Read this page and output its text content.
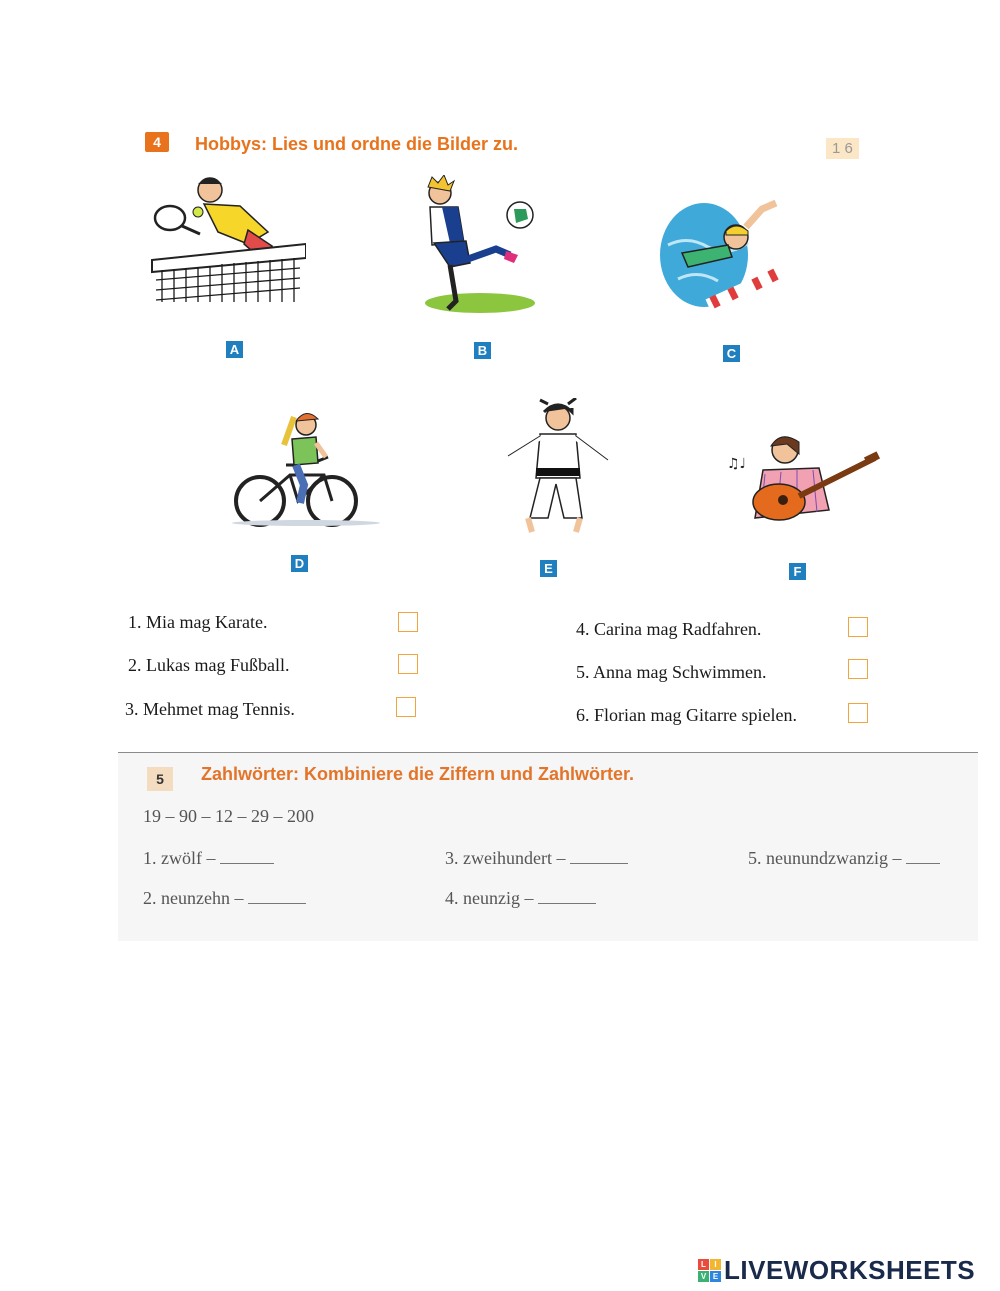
4	Hobbys: Lies und ordne die Bilder zu.	1 6
A	B	C
D	E
♫♩
F
1. Mia mag Karate.
2. Lukas mag Fußball.
3. Mehmet mag Tennis.
4. Carina mag Radfahren.
5. Anna mag Schwimmen.
6. Florian mag Gitarre spielen.
5	Zahlwörter: Kombiniere die Ziffern und Zahlwörter.
19 – 90 – 12 – 29 – 200
1. zwölf –
2. neunzehn –
3. zweihundert –
4. neunzig –
5. neunundzwanzig –
L	I
V E LIVEWORKSHEETS
